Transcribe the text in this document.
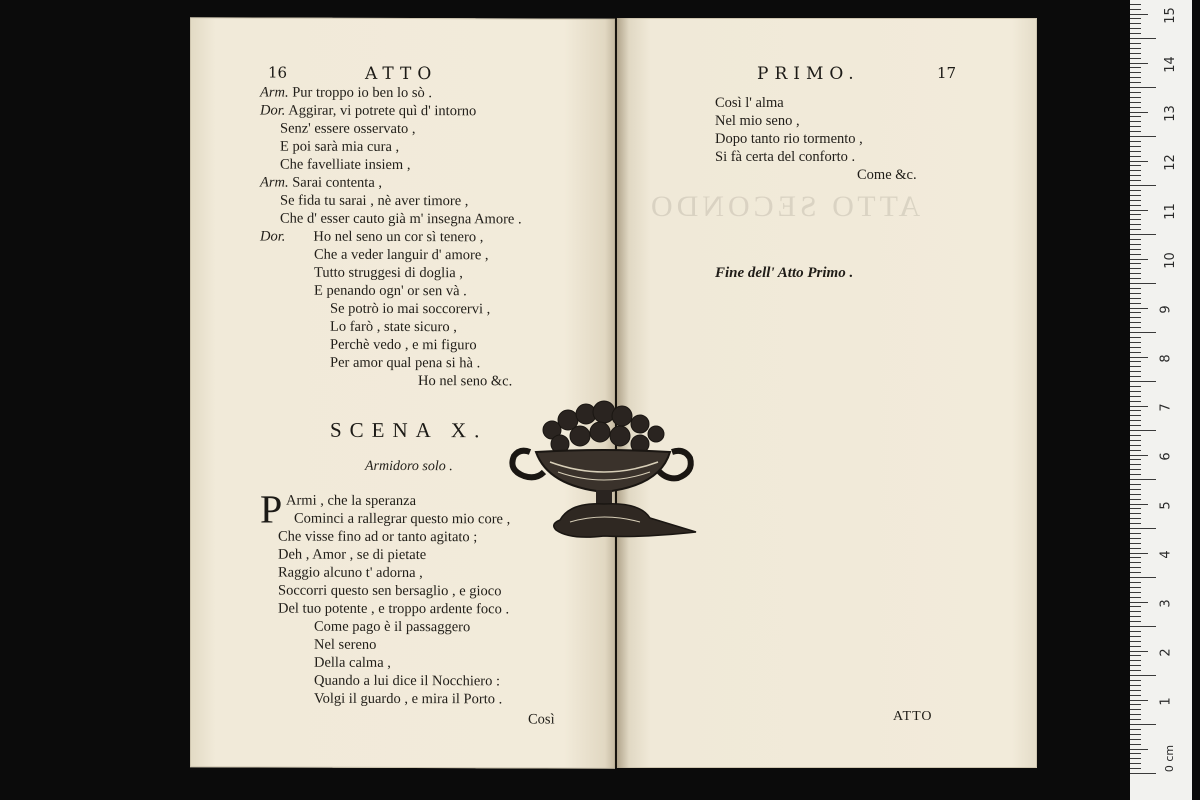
16	ATTO
Arm. Pur troppo io ben lo sò .
Dor. Aggirar, vi potrete quì d' intorno
Senz' essere osservato ,
E poi sarà mia cura ,
Che favelliate insiem ,
Arm. Sarai contenta ,
Se fida tu sarai , nè aver timore ,
Che d' esser cauto già m' insegna Amore .
Dor. Ho nel seno un cor sì tenero ,
Che a veder languir d' amore ,
Tutto struggesi di doglia ,
E penando ogn' or sen và .
Se potrò io mai soccorervi ,
Lo farò , state sicuro ,
Perchè vedo , e mi figuro
Per amor qual pena si hà .
Ho nel seno &c.
SCENA X.
Armidoro solo .
P Armi , che la speranza
Cominci a rallegrar questo mio core ,
Che visse fino ad or tanto agitato ;
Deh , Amor , se di pietate
Raggio alcuno t' adorna ,
Soccorri questo sen bersaglio , e gioco
Del tuo potente , e troppo ardente foco .
Come pago è il passaggero
Nel sereno
Della calma ,
Quando a lui dice il Nocchiero :
Volgi il guardo , e mira il Porto .
Così
PRIMO.	17
ATTO SECONDO
Così l' alma
Nel mio seno ,
Dopo tanto rio tormento ,
Si fà certa del conforto .
Come &c.
Fine dell' Atto Primo .
ATTO
15
14
13
12
11
10
9
8
7
6
5
4
3
2
1
0 cm
